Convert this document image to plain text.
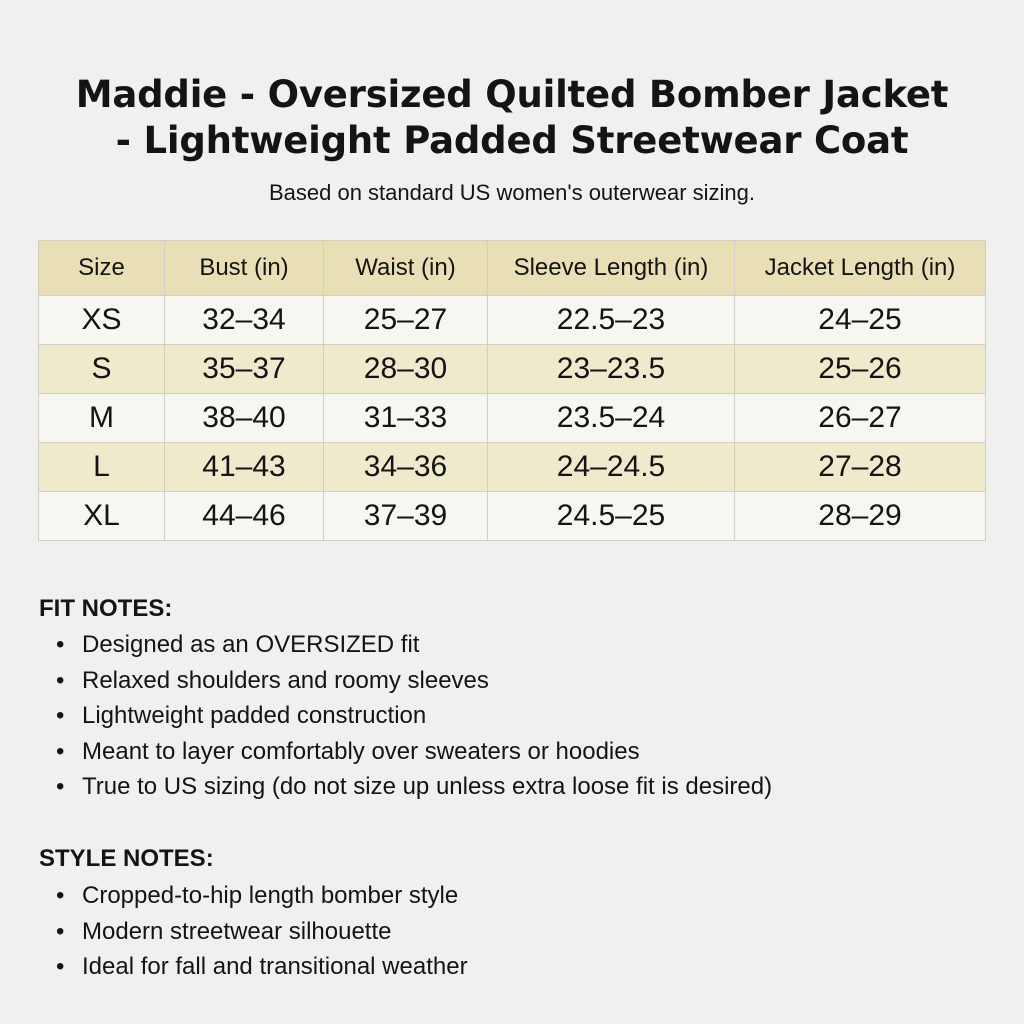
Maddie - Oversized Quilted Bomber Jacket
- Lightweight Padded Streetwear Coat
Based on standard US women's outerwear sizing.
Size	Bust (in)	Waist (in)	Sleeve Length (in)	Jacket Length (in)
XS	32–34	25–27	22.5–23	24–25
S	35–37	28–30	23–23.5	25–26
M	38–40	31–33	23.5–24	26–27
L	41–43	34–36	24–24.5	27–28
XL	44–46	37–39	24.5–25	28–29
FIT NOTES:
• Designed as an OVERSIZED fit
• Relaxed shoulders and roomy sleeves
• Lightweight padded construction
• Meant to layer comfortably over sweaters or hoodies
• True to US sizing (do not size up unless extra loose fit is desired)
STYLE NOTES:
• Cropped-to-hip length bomber style
• Modern streetwear silhouette
• Ideal for fall and transitional weather
